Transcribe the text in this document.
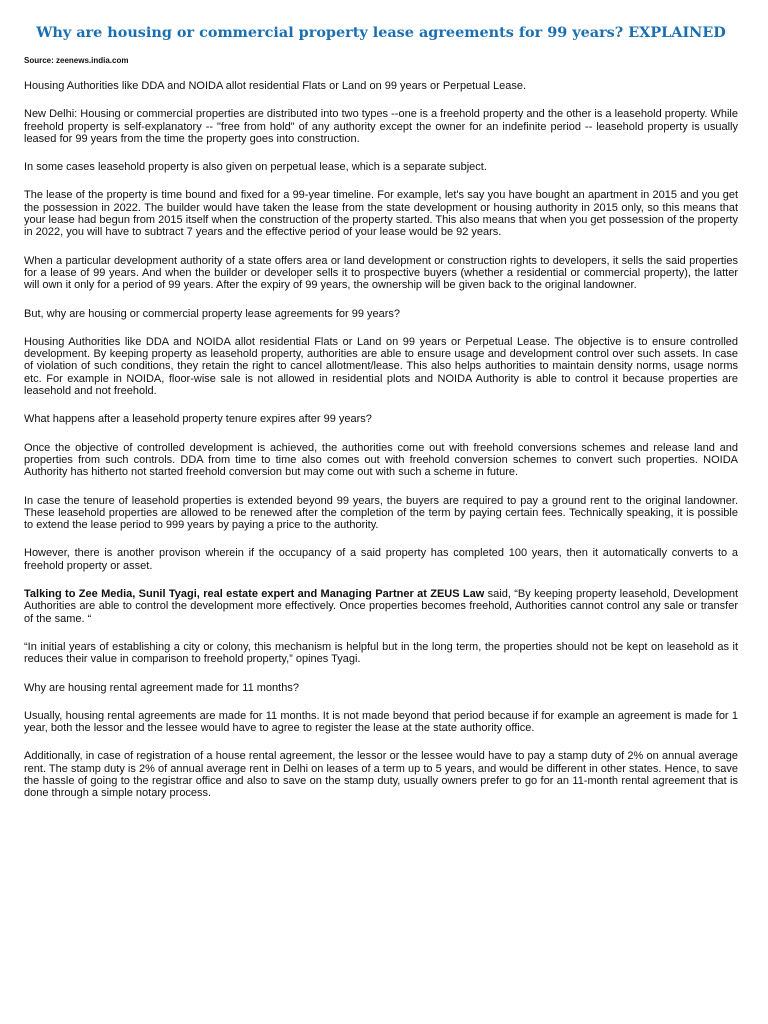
Why are housing or commercial property lease agreements for 99 years? EXPLAINED
Source: zeenews.india.com

Housing Authorities like DDA and NOIDA allot residential Flats or Land on 99 years or Perpetual Lease.

New Delhi: Housing or commercial properties are distributed into two types --one is a freehold property and the other is a leasehold property. While freehold property is self-explanatory -- "free from hold" of any authority except the owner for an indefinite period -- leasehold property is usually leased for 99 years from the time the property goes into construction.

In some cases leasehold property is also given on perpetual lease, which is a separate subject.

The lease of the property is time bound and fixed for a 99-year timeline. For example, let's say you have bought an apartment in 2015 and you get the possession in 2022. The builder would have taken the lease from the state development or housing authority in 2015 only, so this means that your lease had begun from 2015 itself when the construction of the property started. This also means that when you get possession of the property in 2022, you will have to subtract 7 years and the effective period of your lease would be 92 years.

When a particular development authority of a state offers area or land development or construction rights to developers, it sells the said properties for a lease of 99 years. And when the builder or developer sells it to prospective buyers (whether a residential or commercial property), the latter will own it only for a period of 99 years. After the expiry of 99 years, the ownership will be given back to the original landowner.

But, why are housing or commercial property lease agreements for 99 years?

Housing Authorities like DDA and NOIDA allot residential Flats or Land on 99 years or Perpetual Lease. The objective is to ensure controlled development. By keeping property as leasehold property, authorities are able to ensure usage and development control over such assets. In case of violation of such conditions, they retain the right to cancel allotment/lease. This also helps authorities to maintain density norms, usage norms etc. For example in NOIDA, floor-wise sale is not allowed in residential plots and NOIDA Authority is able to control it because properties are leasehold and not freehold.

What happens after a leasehold property tenure expires after 99 years?

Once the objective of controlled development is achieved, the authorities come out with freehold conversions schemes and release land and properties from such controls. DDA from time to time also comes out with freehold conversion schemes to convert such properties. NOIDA Authority has hitherto not started freehold conversion but may come out with such a scheme in future.

In case the tenure of leasehold properties is extended beyond 99 years, the buyers are required to pay a ground rent to the original landowner. These leasehold properties are allowed to be renewed after the completion of the term by paying certain fees. Technically speaking, it is possible to extend the lease period to 999 years by paying a price to the authority.

However, there is another provison wherein if the occupancy of a said property has completed 100 years, then it automatically converts to a freehold property or asset.

Talking to Zee Media, Sunil Tyagi, real estate expert and Managing Partner at ZEUS Law said, “By keeping property leasehold, Development Authorities are able to control the development more effectively. Once properties becomes freehold, Authorities cannot control any sale or transfer of the same. “

“In initial years of establishing a city or colony, this mechanism is helpful but in the long term, the properties should not be kept on leasehold as it reduces their value in comparison to freehold property,” opines Tyagi.

Why are housing rental agreement made for 11 months?

Usually, housing rental agreements are made for 11 months. It is not made beyond that period because if for example an agreement is made for 1 year, both the lessor and the lessee would have to agree to register the lease at the state authority office.

Additionally, in case of registration of a house rental agreement, the lessor or the lessee would have to pay a stamp duty of 2% on annual average rent. The stamp duty is 2% of annual average rent in Delhi on leases of a term up to 5 years, and would be different in other states. Hence, to save the hassle of going to the registrar office and also to save on the stamp duty, usually owners prefer to go for an 11-month rental agreement that is done through a simple notary process.
